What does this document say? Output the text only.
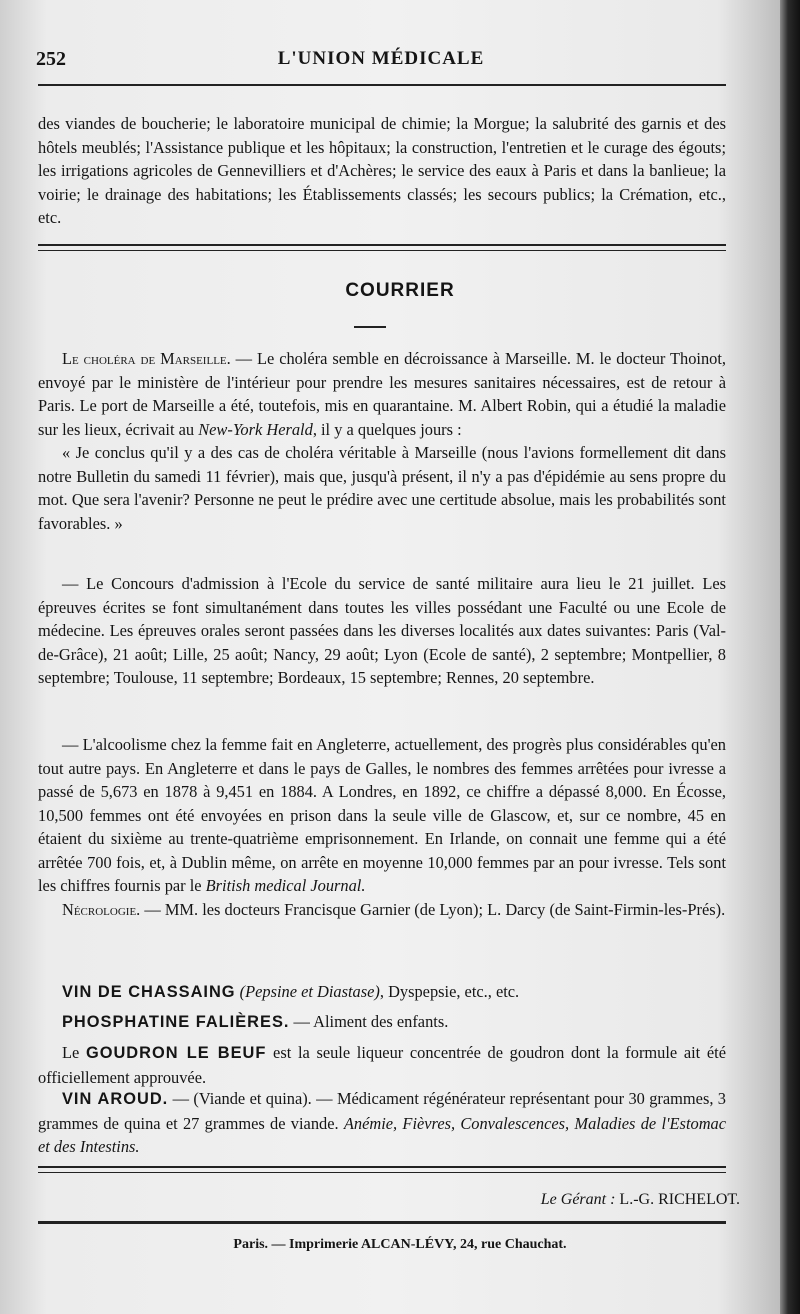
252	L'UNION MÉDICALE

des viandes de boucherie; le laboratoire municipal de chimie; la Morgue; la salubrité des garnis et des hôtels meublés; l'Assistance publique et les hôpitaux; la construction, l'entretien et le curage des égouts; les irrigations agricoles de Gennevilliers et d'Achères; le service des eaux à Paris et dans la banlieue; la voirie; le drainage des habitations; les Établissements classés; les secours publics; la Crémation, etc., etc.

COURRIER

Le choléra de Marseille. — Le choléra semble en décroissance à Marseille. M. le docteur Thoinot, envoyé par le ministère de l'intérieur pour prendre les mesures sanitaires nécessaires, est de retour à Paris. Le port de Marseille a été, toutefois, mis en quarantaine. M. Albert Robin, qui a étudié la maladie sur les lieux, écrivait au New-York Herald, il y a quelques jours :

« Je conclus qu'il y a des cas de choléra véritable à Marseille (nous l'avions formellement dit dans notre Bulletin du samedi 11 février), mais que, jusqu'à présent, il n'y a pas d'épidémie au sens propre du mot. Que sera l'avenir? Personne ne peut le prédire avec une certitude absolue, mais les probabilités sont favorables. »

— Le Concours d'admission à l'Ecole du service de santé militaire aura lieu le 21 juillet. Les épreuves écrites se font simultanément dans toutes les villes possédant une Faculté ou une Ecole de médecine. Les épreuves orales seront passées dans les diverses localités aux dates suivantes: Paris (Val-de-Grâce), 21 août; Lille, 25 août; Nancy, 29 août; Lyon (Ecole de santé), 2 septembre; Montpellier, 8 septembre; Toulouse, 11 septembre; Bordeaux, 15 septembre; Rennes, 20 septembre.

— L'alcoolisme chez la femme fait en Angleterre, actuellement, des progrès plus considérables qu'en tout autre pays. En Angleterre et dans le pays de Galles, le nombres des femmes arrêtées pour ivresse a passé de 5,673 en 1878 à 9,451 en 1884. A Londres, en 1892, ce chiffre a dépassé 8,000. En Écosse, 10,500 femmes ont été envoyées en prison dans la seule ville de Glascow, et, sur ce nombre, 45 en étaient du sixième au trente-quatrième emprisonnement. En Irlande, on connait une femme qui a été arrêtée 700 fois, et, à Dublin même, on arrête en moyenne 10,000 femmes par an pour ivresse. Tels sont les chiffres fournis par le British medical Journal.

Nécrologie. — MM. les docteurs Francisque Garnier (de Lyon); L. Darcy (de Saint-Firmin-les-Prés).

VIN DE CHASSAING (Pepsine et Diastase), Dyspepsie, etc., etc.

PHOSPHATINE FALIÈRES. — Aliment des enfants.

Le GOUDRON LE BEUF est la seule liqueur concentrée de goudron dont la formule ait été officiellement approuvée.

VIN AROUD. — (Viande et quina). — Médicament régénérateur représentant pour 30 grammes, 3 grammes de quina et 27 grammes de viande. Anémie, Fièvres, Convalescences, Maladies de l'Estomac et des Intestins.

Le Gérant : L.-G. RICHELOT.
Paris. — Imprimerie ALCAN-LÉVY, 24, rue Chauchat.
